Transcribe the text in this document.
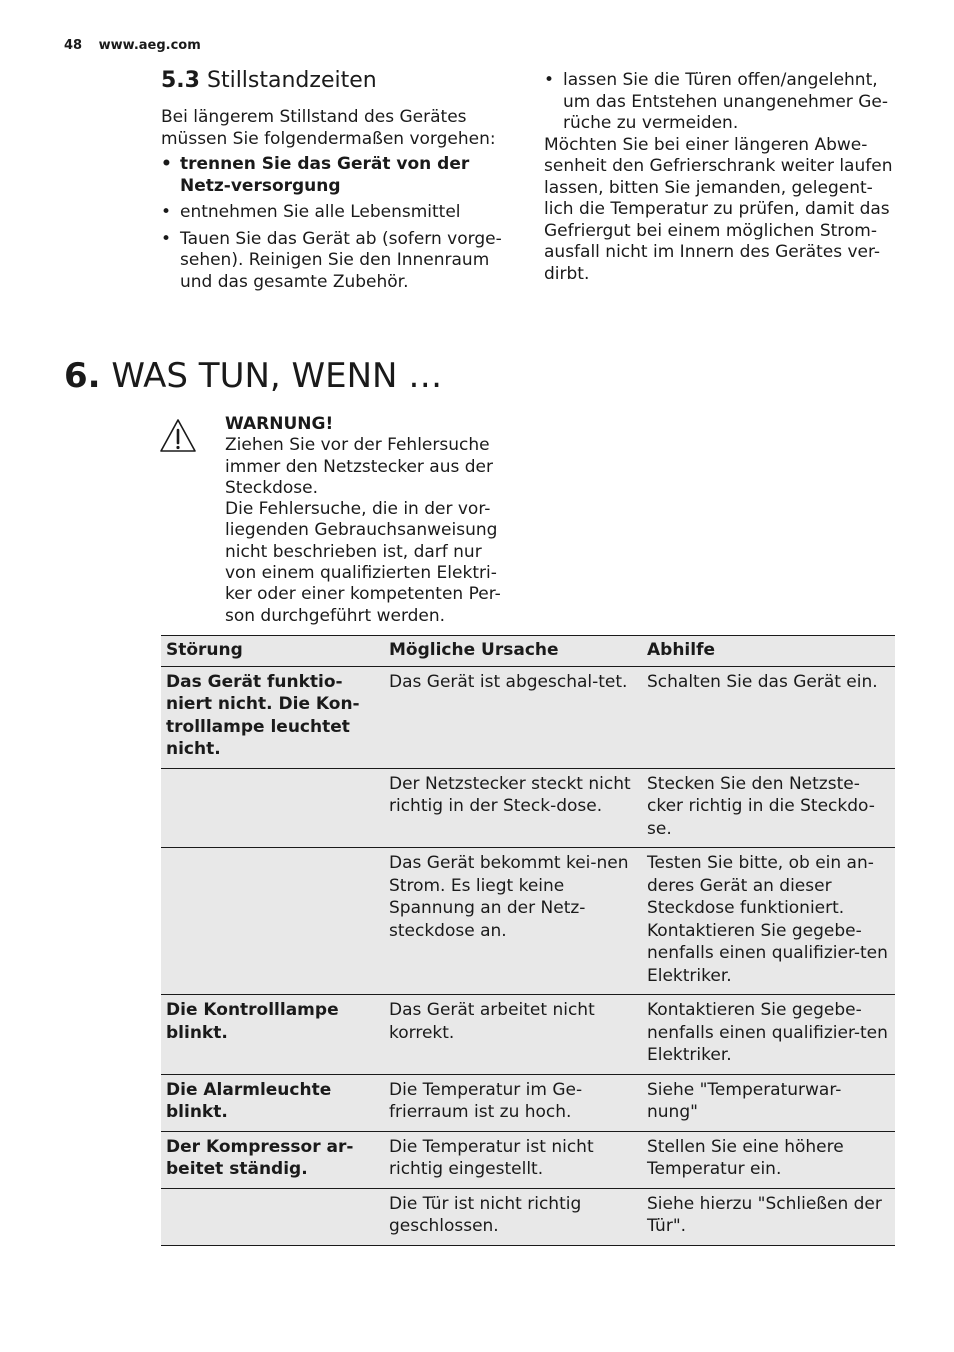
48 www.aeg.com
5.3 Stillstandzeiten

Bei längerem Stillstand des Gerätes müssen Sie folgendermaßen vorgehen:

• trennen Sie das Gerät von der Netz-versorgung
• entnehmen Sie alle Lebensmittel
• Tauen Sie das Gerät ab (sofern vorge-sehen). Reinigen Sie den Innenraum und das gesamte Zubehör.
• lassen Sie die Türen offen/angelehnt, um das Entstehen unangenehmer Ge-rüche zu vermeiden.
Möchten Sie bei einer längeren Abwe-senheit den Gefrierschrank weiter laufen lassen, bitten Sie jemanden, gelegent-lich die Temperatur zu prüfen, damit das Gefriergut bei einem möglichen Strom-ausfall nicht im Innern des Gerätes ver-dirbt.
6. WAS TUN, WENN …
WARNUNG!
Ziehen Sie vor der Fehlersuche immer den Netzstecker aus der Steckdose.
Die Fehlersuche, die in der vor-liegenden Gebrauchsanweisung nicht beschrieben ist, darf nur von einem qualifizierten Elektri-ker oder einer kompetenten Per-son durchgeführt werden.
Störung	Mögliche Ursache	Abhilfe
Das Gerät funktio-niert nicht. Die Kon-trolllampe leuchtet nicht.	Das Gerät ist abgeschal-tet.	Schalten Sie das Gerät ein.
	Der Netzstecker steckt nicht richtig in der Steck-dose.	Stecken Sie den Netzste-cker richtig in die Steckdo-se.
	Das Gerät bekommt kei-nen Strom. Es liegt keine Spannung an der Netz-steckdose an.	Testen Sie bitte, ob ein an-deres Gerät an dieser Steckdose funktioniert. Kontaktieren Sie gegebe-nenfalls einen qualifizier-ten Elektriker.
Die Kontrolllampe blinkt.	Das Gerät arbeitet nicht korrekt.	Kontaktieren Sie gegebe-nenfalls einen qualifizier-ten Elektriker.
Die Alarmleuchte blinkt.	Die Temperatur im Ge-frierraum ist zu hoch.	Siehe "Temperaturwar-nung"
Der Kompressor ar-beitet ständig.	Die Temperatur ist nicht richtig eingestellt.	Stellen Sie eine höhere Temperatur ein.
	Die Tür ist nicht richtig geschlossen.	Siehe hierzu "Schließen der Tür".
